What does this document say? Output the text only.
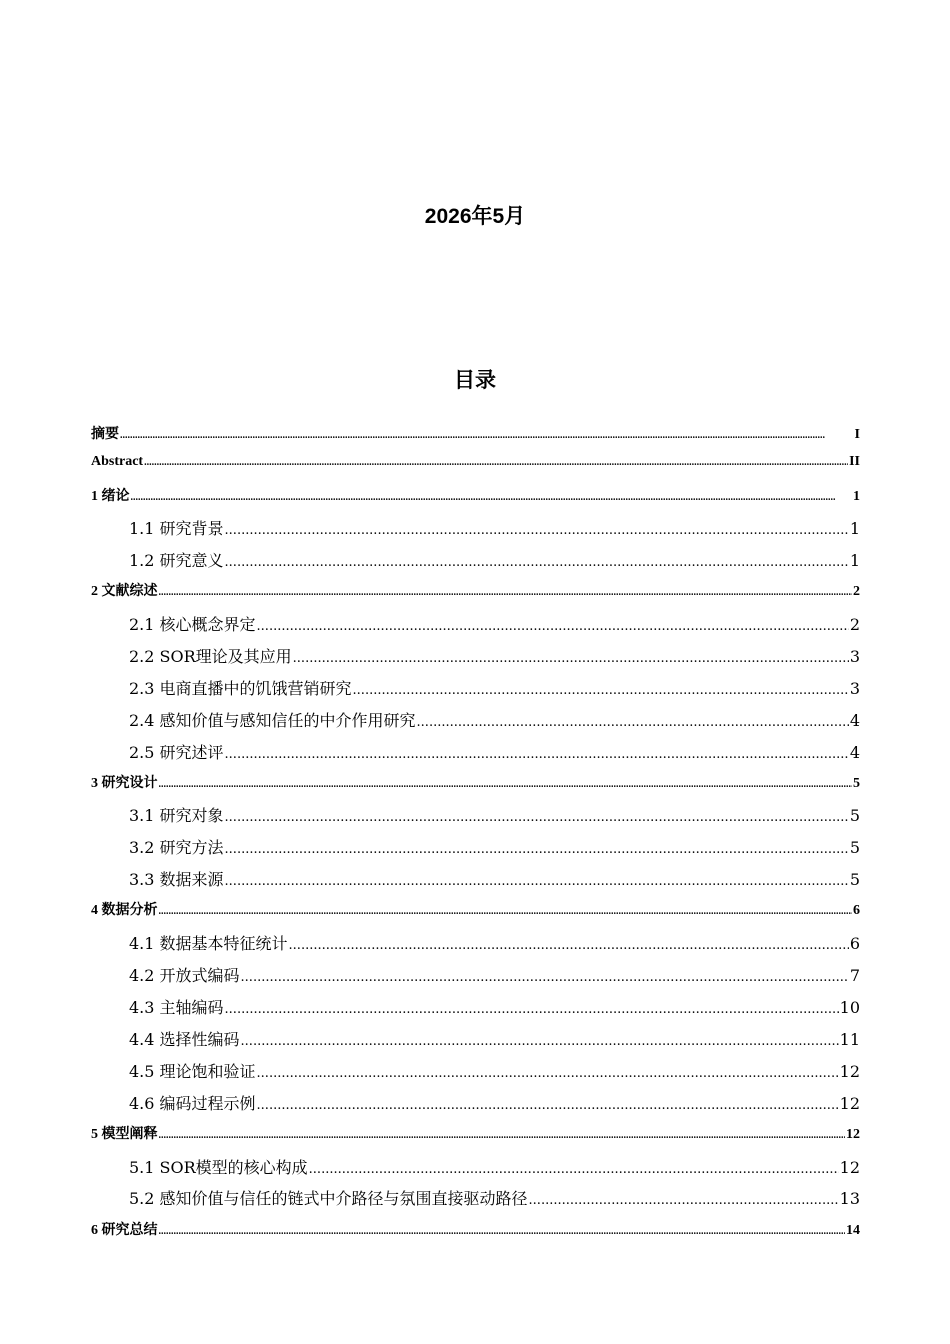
2026年5月
目录
摘要 .....	I
Abstract .....	II
1 绪论 .....	1
1.1 研究背景 .....	1
1.2 研究意义 .....	1
2 文献综述 .....	2
2.1 核心概念界定 .....	2
2.2 SOR理论及其应用 .....	3
2.3 电商直播中的饥饿营销研究 .....	3
2.4 感知价值与感知信任的中介作用研究 .....	4
2.5 研究述评 .....	4
3 研究设计 .....	5
3.1 研究对象 .....	5
3.2 研究方法 .....	5
3.3 数据来源 .....	5
4 数据分析 .....	6
4.1 数据基本特征统计 .....	6
4.2 开放式编码 .....	7
4.3 主轴编码 .....	10
4.4 选择性编码 .....	11
4.5 理论饱和验证 .....	12
4.6 编码过程示例 .....	12
5 模型阐释 .....	12
5.1 SOR模型的核心构成 .....	12
5.2 感知价值与信任的链式中介路径与氛围直接驱动路径 .....	13
6 研究总结 .....	14
